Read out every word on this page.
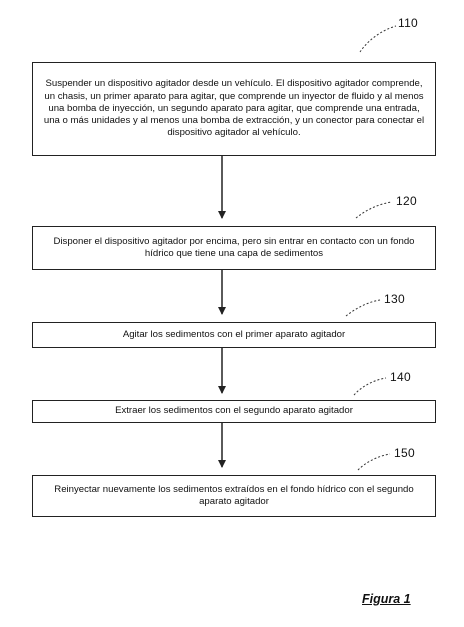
110
Suspender un dispositivo agitador desde un vehículo. El dispositivo agitador comprende, un chasis, un primer aparato para agitar, que comprende un inyector de fluido y al menos una bomba de inyección, un segundo aparato para agitar, que comprende una entrada, una o más unidades y al menos una bomba de extracción, y un conector para conectar el dispositivo agitador al vehículo.
120
Disponer el dispositivo agitador por encima, pero sin entrar en contacto con un fondo hídrico que tiene una capa de sedimentos
130
Agitar los sedimentos con el primer aparato agitador
140
Extraer los sedimentos con el segundo aparato agitador
150
Reinyectar nuevamente los sedimentos extraídos en el fondo hídrico con el segundo aparato agitador
Figura 1
